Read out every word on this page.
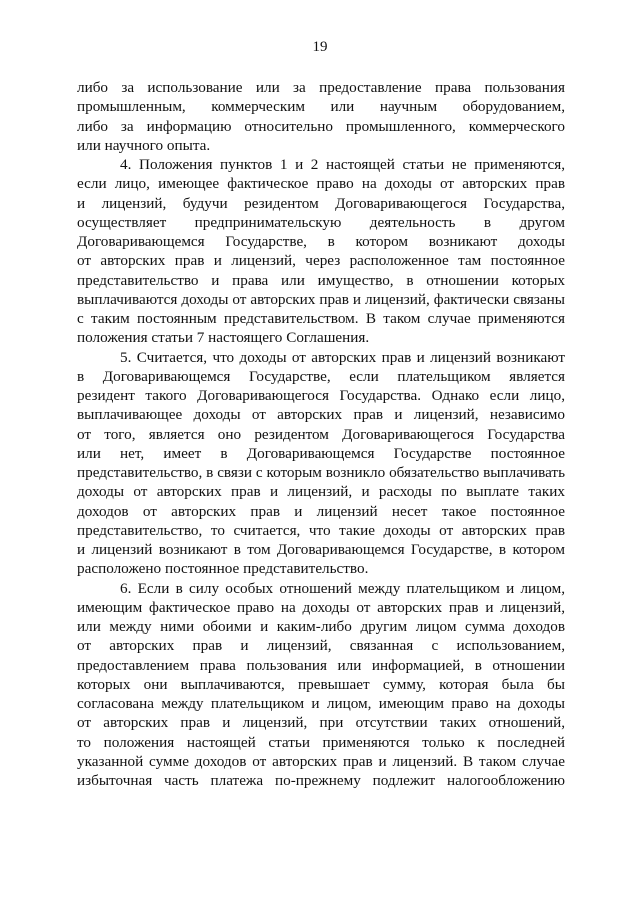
19
либо за использование или за предоставление права пользования
промышленным, коммерческим или научным оборудованием,
либо за информацию относительно промышленного, коммерческого
или научного опыта.
4. Положения пунктов 1 и 2 настоящей статьи не применяются,
если лицо, имеющее фактическое право на доходы от авторских прав
и лицензий, будучи резидентом Договаривающегося Государства,
осуществляет предпринимательскую деятельность в другом
Договаривающемся Государстве, в котором возникают доходы
от авторских прав и лицензий, через расположенное там постоянное
представительство и права или имущество, в отношении которых
выплачиваются доходы от авторских прав и лицензий, фактически связаны
с таким постоянным представительством. В таком случае применяются
положения статьи 7 настоящего Соглашения.
5. Считается, что доходы от авторских прав и лицензий возникают
в Договаривающемся Государстве, если плательщиком является
резидент такого Договаривающегося Государства. Однако если лицо,
выплачивающее доходы от авторских прав и лицензий, независимо
от того, является оно резидентом Договаривающегося Государства
или нет, имеет в Договаривающемся Государстве постоянное
представительство, в связи с которым возникло обязательство выплачивать
доходы от авторских прав и лицензий, и расходы по выплате таких
доходов от авторских прав и лицензий несет такое постоянное
представительство, то считается, что такие доходы от авторских прав
и лицензий возникают в том Договаривающемся Государстве, в котором
расположено постоянное представительство.
6. Если в силу особых отношений между плательщиком и лицом,
имеющим фактическое право на доходы от авторских прав и лицензий,
или между ними обоими и каким-либо другим лицом сумма доходов
от авторских прав и лицензий, связанная с использованием,
предоставлением права пользования или информацией, в отношении
которых они выплачиваются, превышает сумму, которая была бы
согласована между плательщиком и лицом, имеющим право на доходы
от авторских прав и лицензий, при отсутствии таких отношений,
то положения настоящей статьи применяются только к последней
указанной сумме доходов от авторских прав и лицензий. В таком случае
избыточная часть платежа по-прежнему подлежит налогообложению
